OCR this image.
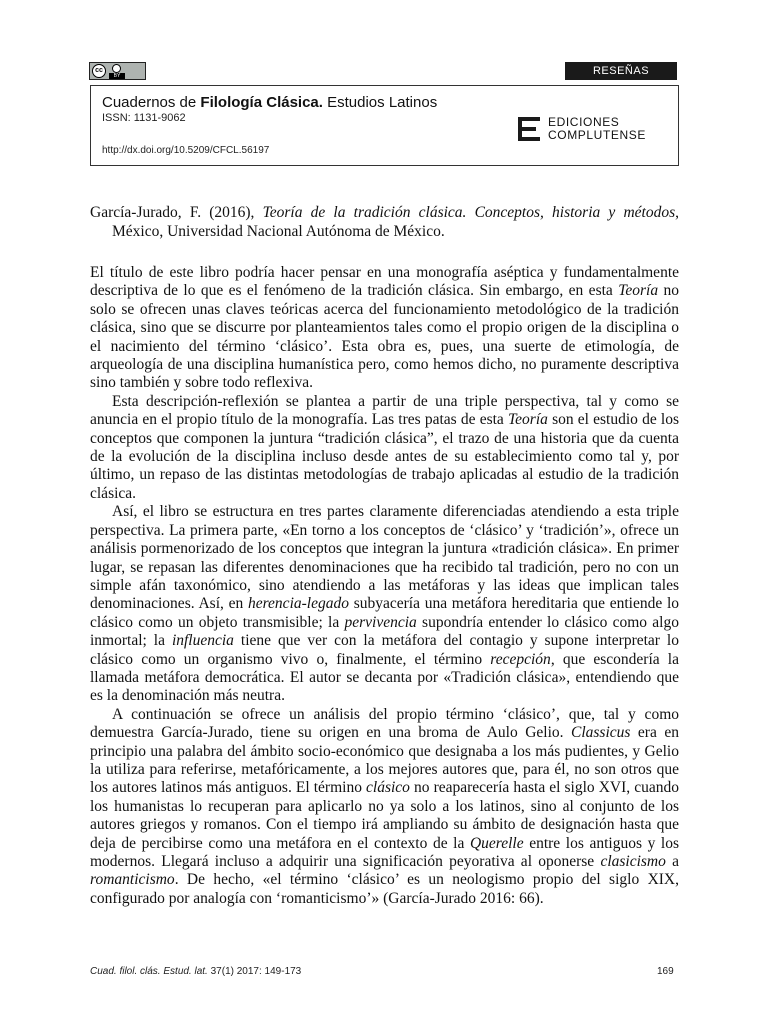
cc
BY	RESEÑAS
Cuadernos de Filología Clásica. Estudios Latinos
ISSN: 1131-9062
http://dx.doi.org/10.5209/CFCL.56197
EDICIONES
COMPLUTENSE

García-Jurado, F. (2016), Teoría de la tradición clásica. Conceptos, historia y métodos, México, Universidad Nacional Autónoma de México.

El título de este libro podría hacer pensar en una monografía aséptica y fundamentalmente descriptiva de lo que es el fenómeno de la tradición clásica. Sin embargo, en esta Teoría no solo se ofrecen unas claves teóricas acerca del funcionamiento metodológico de la tradición clásica, sino que se discurre por planteamientos tales como el propio origen de la disciplina o el nacimiento del término ‘clásico’. Esta obra es, pues, una suerte de etimología, de arqueología de una disciplina humanística pero, como hemos dicho, no puramente descriptiva sino también y sobre todo reflexiva.

Esta descripción-reflexión se plantea a partir de una triple perspectiva, tal y como se anuncia en el propio título de la monografía. Las tres patas de esta Teoría son el estudio de los conceptos que componen la juntura “tradición clásica”, el trazo de una historia que da cuenta de la evolución de la disciplina incluso desde antes de su establecimiento como tal y, por último, un repaso de las distintas metodologías de trabajo aplicadas al estudio de la tradición clásica.

Así, el libro se estructura en tres partes claramente diferenciadas atendiendo a esta triple perspectiva. La primera parte, «En torno a los conceptos de ‘clásico’ y ‘tradición’», ofrece un análisis pormenorizado de los conceptos que integran la juntura «tradición clásica». En primer lugar, se repasan las diferentes denominaciones que ha recibido tal tradición, pero no con un simple afán taxonómico, sino atendiendo a las metáforas y las ideas que implican tales denominaciones. Así, en herencia-legado subyacería una metáfora hereditaria que entiende lo clásico como un objeto transmisible; la pervivencia supondría entender lo clásico como algo inmortal; la influencia tiene que ver con la metáfora del contagio y supone interpretar lo clásico como un organismo vivo o, finalmente, el término recepción, que escondería la llamada metáfora democrática. El autor se decanta por «Tradición clásica», entendiendo que es la denominación más neutra.

A continuación se ofrece un análisis del propio término ‘clásico’, que, tal y como demuestra García-Jurado, tiene su origen en una broma de Aulo Gelio. Classicus era en principio una palabra del ámbito socio-económico que designaba a los más pudientes, y Gelio la utiliza para referirse, metafóricamente, a los mejores autores que, para él, no son otros que los autores latinos más antiguos. El término clásico no reaparecería hasta el siglo XVI, cuando los humanistas lo recuperan para aplicarlo no ya solo a los latinos, sino al conjunto de los autores griegos y romanos. Con el tiempo irá ampliando su ámbito de designación hasta que deja de percibirse como una metáfora en el contexto de la Querelle entre los antiguos y los modernos. Llegará incluso a adquirir una significación peyorativa al oponerse clasicismo a romanticismo. De hecho, «el término ‘clásico’ es un neologismo propio del siglo XIX, configurado por analogía con ‘romanticismo’» (García-Jurado 2016: 66).

Cuad. filol. clás. Estud. lat. 37(1) 2017: 149-173	169
